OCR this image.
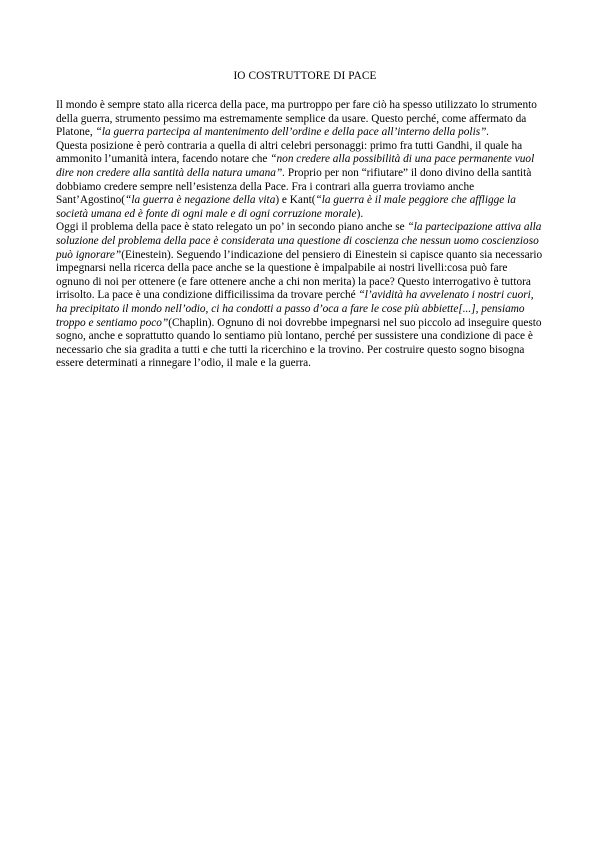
IO COSTRUTTORE DI PACE

Il mondo è sempre stato alla ricerca della pace, ma purtroppo per fare ciò ha spesso utilizzato lo strumento della guerra, strumento pessimo ma estremamente semplice da usare. Questo perché, come affermato da Platone, “la guerra partecipa al mantenimento dell’ordine e della pace all’interno della polis”.

Questa posizione è però contraria a quella di altri celebri personaggi: primo fra tutti Gandhi, il quale ha ammonito l’umanità intera, facendo notare che “non credere alla possibilità di una pace permanente vuol dire non credere alla santità della natura umana”. Proprio per non “rifiutare” il dono divino della santità dobbiamo credere sempre nell’esistenza della Pace. Fra i contrari alla guerra troviamo anche Sant’Agostino(“la guerra è negazione della vita) e Kant(“la guerra è il male peggiore che affligge la società umana ed è fonte di ogni male e di ogni corruzione morale).

Oggi il problema della pace è stato relegato un po’ in secondo piano anche se “la partecipazione attiva alla soluzione del problema della pace è considerata una questione di coscienza che nessun uomo coscienzioso può ignorare”(Einestein). Seguendo l’indicazione del pensiero di Einestein si capisce quanto sia necessario impegnarsi nella ricerca della pace anche se la questione è impalpabile ai nostri livelli:cosa può fare ognuno di noi per ottenere (e fare ottenere anche a chi non merita) la pace? Questo interrogativo è tuttora irrisolto. La pace è una condizione difficilissima da trovare perché “l’avidità ha avvelenato i nostri cuori, ha precipitato il mondo nell’odio, ci ha condotti a passo d’oca a fare le cose più abbiette[...], pensiamo troppo e sentiamo poco”(Chaplin). Ognuno di noi dovrebbe impegnarsi nel suo piccolo ad inseguire questo sogno, anche e soprattutto quando lo sentiamo più lontano, perché per sussistere una condizione di pace è necessario che sia gradita a tutti e che tutti la ricerchino e la trovino. Per costruire questo sogno bisogna essere determinati a rinnegare l’odio, il male e la guerra.
